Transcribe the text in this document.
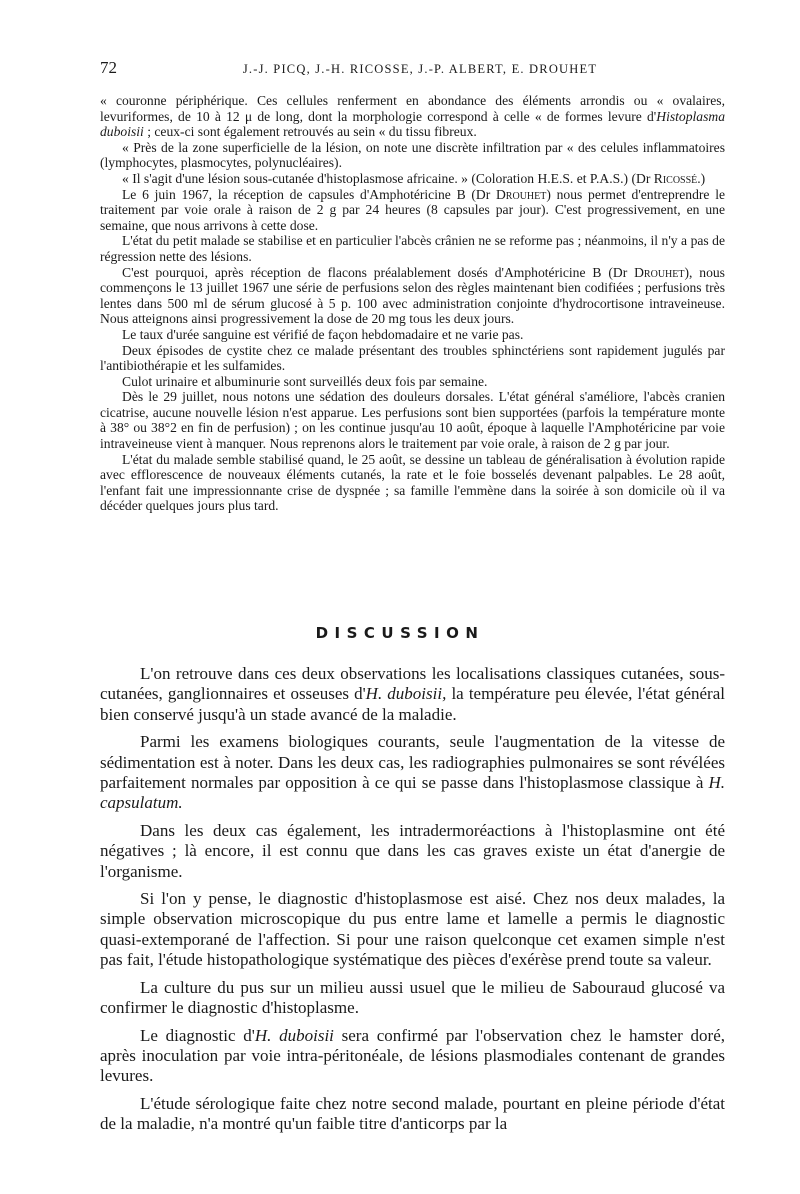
72	J.-J. PICQ, J.-H. RICOSSE, J.-P. ALBERT, E. DROUHET

« couronne périphérique. Ces cellules renferment en abondance des éléments arrondis ou « ovalaires, levuriformes, de 10 à 12 μ de long, dont la morphologie correspond à celle « de formes levure d'Histoplasma duboisii ; ceux-ci sont également retrouvés au sein « du tissu fibreux.

« Près de la zone superficielle de la lésion, on note une discrète infiltration par « des celules inflammatoires (lymphocytes, plasmocytes, polynucléaires).

« Il s'agit d'une lésion sous-cutanée d'histoplasmose africaine. » (Coloration H.E.S. et P.A.S.) (Dr Ricossé.)

Le 6 juin 1967, la réception de capsules d'Amphotéricine B (Dr Drouhet) nous permet d'entreprendre le traitement par voie orale à raison de 2 g par 24 heures (8 capsules par jour). C'est progressivement, en une semaine, que nous arrivons à cette dose.

L'état du petit malade se stabilise et en particulier l'abcès crânien ne se reforme pas ; néanmoins, il n'y a pas de régression nette des lésions.

C'est pourquoi, après réception de flacons préalablement dosés d'Amphotéricine B (Dr Drouhet), nous commençons le 13 juillet 1967 une série de perfusions selon des règles maintenant bien codifiées ; perfusions très lentes dans 500 ml de sérum glucosé à 5 p. 100 avec administration conjointe d'hydrocortisone intraveineuse. Nous atteignons ainsi progressivement la dose de 20 mg tous les deux jours.

Le taux d'urée sanguine est vérifié de façon hebdomadaire et ne varie pas.

Deux épisodes de cystite chez ce malade présentant des troubles sphinctériens sont rapidement jugulés par l'antibiothérapie et les sulfamides.

Culot urinaire et albuminurie sont surveillés deux fois par semaine.

Dès le 29 juillet, nous notons une sédation des douleurs dorsales. L'état général s'améliore, l'abcès cranien cicatrise, aucune nouvelle lésion n'est apparue. Les perfusions sont bien supportées (parfois la température monte à 38° ou 38°2 en fin de perfusion) ; on les continue jusqu'au 10 août, époque à laquelle l'Amphotéricine par voie intraveineuse vient à manquer. Nous reprenons alors le traitement par voie orale, à raison de 2 g par jour.

L'état du malade semble stabilisé quand, le 25 août, se dessine un tableau de généralisation à évolution rapide avec efflorescence de nouveaux éléments cutanés, la rate et le foie bosselés devenant palpables. Le 28 août, l'enfant fait une impressionnante crise de dyspnée ; sa famille l'emmène dans la soirée à son domicile où il va décéder quelques jours plus tard.

DISCUSSION

L'on retrouve dans ces deux observations les localisations classiques cutanées, sous-cutanées, ganglionnaires et osseuses d'H. duboisii, la température peu élevée, l'état général bien conservé jusqu'à un stade avancé de la maladie.

Parmi les examens biologiques courants, seule l'augmentation de la vitesse de sédimentation est à noter. Dans les deux cas, les radiographies pulmonaires se sont révélées parfaitement normales par opposition à ce qui se passe dans l'histoplasmose classique à H. capsulatum.

Dans les deux cas également, les intradermoréactions à l'histoplasmine ont été négatives ; là encore, il est connu que dans les cas graves existe un état d'anergie de l'organisme.

Si l'on y pense, le diagnostic d'histoplasmose est aisé. Chez nos deux malades, la simple observation microscopique du pus entre lame et lamelle a permis le diagnostic quasi-extemporané de l'affection. Si pour une raison quelconque cet examen simple n'est pas fait, l'étude histopathologique systématique des pièces d'exérèse prend toute sa valeur.

La culture du pus sur un milieu aussi usuel que le milieu de Sabouraud glucosé va confirmer le diagnostic d'histoplasme.

Le diagnostic d'H. duboisii sera confirmé par l'observation chez le hamster doré, après inoculation par voie intra-péritonéale, de lésions plasmodiales contenant de grandes levures.

L'étude sérologique faite chez notre second malade, pourtant en pleine période d'état de la maladie, n'a montré qu'un faible titre d'anticorps par la
